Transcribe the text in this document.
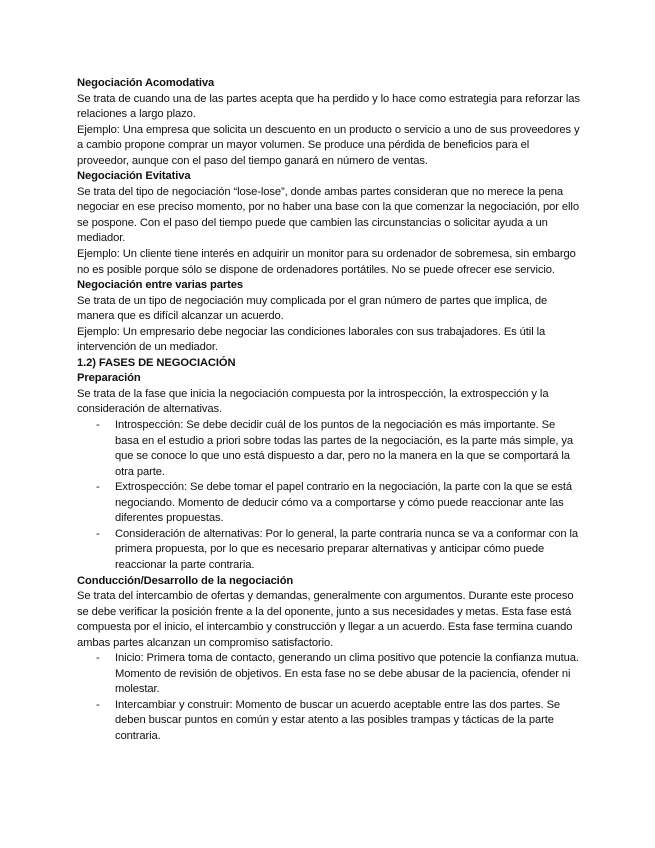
Negociación Acomodativa

Se trata de cuando una de las partes acepta que ha perdido y lo hace como estrategia para reforzar las relaciones a largo plazo.

Ejemplo: Una empresa que solicita un descuento en un producto o servicio a uno de sus proveedores y a cambio propone comprar un mayor volumen. Se produce una pérdida de beneficios para el proveedor, aunque con el paso del tiempo ganará en número de ventas.

Negociación Evitativa

Se trata del tipo de negociación “lose-lose”, donde ambas partes consideran que no merece la pena negociar en ese preciso momento, por no haber una base con la que comenzar la negociación, por ello se pospone. Con el paso del tiempo puede que cambien las circunstancias o solicitar ayuda a un mediador.

Ejemplo: Un cliente tiene interés en adquirir un monitor para su ordenador de sobremesa, sin embargo no es posible porque sólo se dispone de ordenadores portátiles. No se puede ofrecer ese servicio.

Negociación entre varias partes

Se trata de un tipo de negociación muy complicada por el gran número de partes que implica, de manera que es difícil alcanzar un acuerdo.

Ejemplo: Un empresario debe negociar las condiciones laborales con sus trabajadores. Es útil la intervención de un mediador.

1.2) FASES DE NEGOCIACIÓN

Preparación

Se trata de la fase que inicia la negociación compuesta por la introspección, la extrospección y la consideración de alternativas.

- Introspección: Se debe decidir cuál de los puntos de la negociación es más importante. Se basa en el estudio a priori sobre todas las partes de la negociación, es la parte más simple, ya que se conoce lo que uno está dispuesto a dar, pero no la manera en la que se comportará la otra parte.
- Extrospección: Se debe tomar el papel contrario en la negociación, la parte con la que se está negociando. Momento de deducir cómo va a comportarse y cómo puede reaccionar ante las diferentes propuestas.
- Consideración de alternativas: Por lo general, la parte contraria nunca se va a conformar con la primera propuesta, por lo que es necesario preparar alternativas y anticipar cómo puede reaccionar la parte contraria.

Conducción/Desarrollo de la negociación

Se trata del intercambio de ofertas y demandas, generalmente con argumentos. Durante este proceso se debe verificar la posición frente a la del oponente, junto a sus necesidades y metas. Esta fase está compuesta por el inicio, el intercambio y construcción y llegar a un acuerdo. Esta fase termina cuando ambas partes alcanzan un compromiso satisfactorio.

- Inicio: Primera toma de contacto, generando un clima positivo que potencie la confianza mutua. Momento de revisión de objetivos. En esta fase no se debe abusar de la paciencia, ofender ni molestar.
- Intercambiar y construir: Momento de buscar un acuerdo aceptable entre las dos partes. Se deben buscar puntos en común y estar atento a las posibles trampas y tácticas de la parte contraria.
